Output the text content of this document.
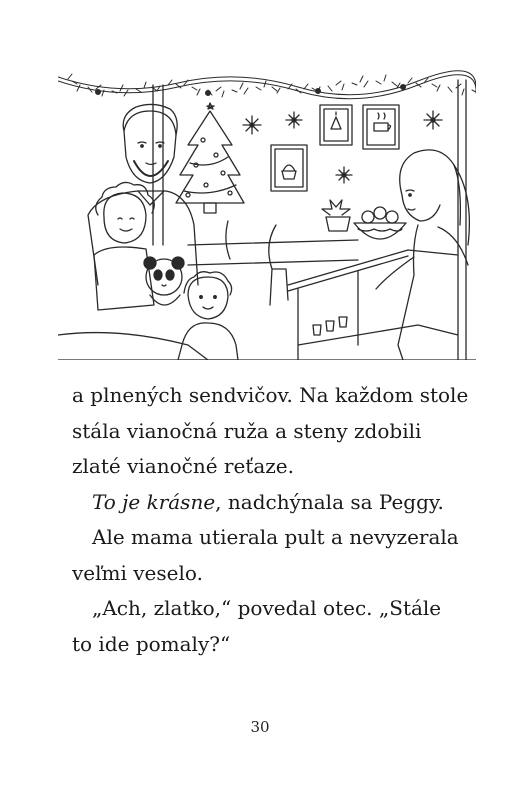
a plnených sendvičov. Na každom stole
stála vianočná ruža a steny zdobili
zlaté vianočné reťaze.

To je krásne, nadchýnala sa Peggy.

Ale mama utierala pult a nevyzerala
veľmi veselo.

„Ach, zlatko,“ povedal otec. „Stále
to ide pomaly?“

30
